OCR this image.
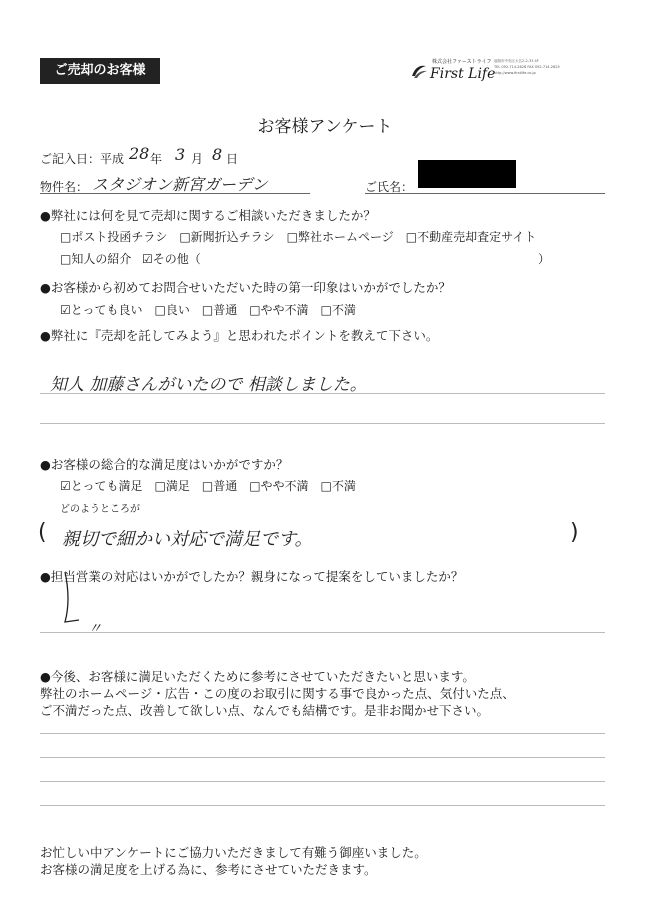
ご売却のお客様
株式会社ファーストライフ
First Life
福岡市中央区大名2-2-33 4F
TEL 092-714-2626 FAX 092-714-2625
http://www.firstlife.co.jp
お客様アンケート
ご記入日：平成 28 年 3 月 8 日
物件名： スタジオン新宮ガーデン	ご氏名：
●弊社には何を見て売却に関するご相談いただきましたか？
□ポスト投函チラシ　□新聞折込チラシ　□弊社ホームページ　□不動産売却査定サイト
□知人の紹介 ☑その他（	）
●お客様から初めてお問合せいただいた時の第一印象はいかがでしたか？
☑とっても良い　□良い　□普通　□やや不満　□不満
●弊社に『売却を託してみよう』と思われたポイントを教えて下さい。
知人 加藤さんがいたので 相談しました。
●お客様の総合的な満足度はいかがですか？
☑とっても満足　□満足　□普通　□やや不満　□不満
どのようところが
( 親切で細かい対応で満足です。	)
●担当営業の対応はいかがでしたか？親身になって提案をしていましたか？
〃
●今後、お客様に満足いただくために参考にさせていただきたいと思います。
弊社のホームページ・広告・この度のお取引に関する事で良かった点、気付いた点、
ご不満だった点、改善して欲しい点、なんでも結構です。是非お聞かせ下さい。
お忙しい中アンケートにご協力いただきまして有難う御座いました。
お客様の満足度を上げる為に、参考にさせていただきます。
